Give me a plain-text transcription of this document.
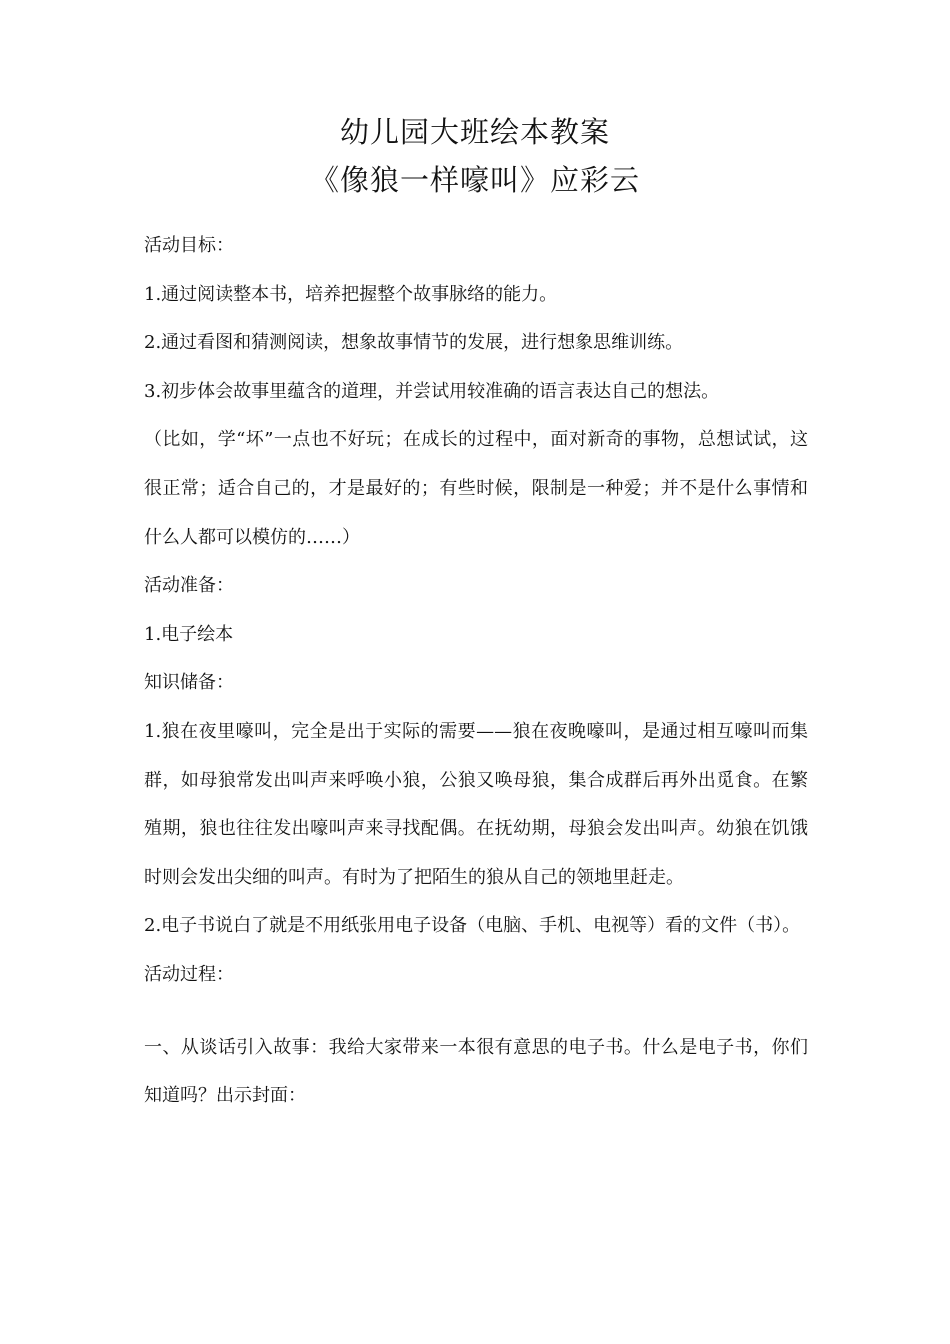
幼儿园大班绘本教案
《像狼一样嚎叫》应彩云

活动目标：

1.通过阅读整本书，培养把握整个故事脉络的能力。

2.通过看图和猜测阅读，想象故事情节的发展，进行想象思维训练。

3.初步体会故事里蕴含的道理，并尝试用较准确的语言表达自己的想法。

（比如，学“坏”一点也不好玩；在成长的过程中，面对新奇的事物，总想试试，这很正常；适合自己的，才是最好的；有些时候，限制是一种爱；并不是什么事情和什么人都可以模仿的……）

活动准备：

1.电子绘本

知识储备：

1.狼在夜里嚎叫，完全是出于实际的需要——狼在夜晚嚎叫，是通过相互嚎叫而集群，如母狼常发出叫声来呼唤小狼，公狼又唤母狼，集合成群后再外出觅食。在繁殖期，狼也往往发出嚎叫声来寻找配偶。在抚幼期，母狼会发出叫声。幼狼在饥饿时则会发出尖细的叫声。有时为了把陌生的狼从自己的领地里赶走。

2.电子书说白了就是不用纸张用电子设备（电脑、手机、电视等）看的文件（书）。

活动过程：

一、从谈话引入故事：我给大家带来一本很有意思的电子书。什么是电子书，你们知道吗？出示封面：
